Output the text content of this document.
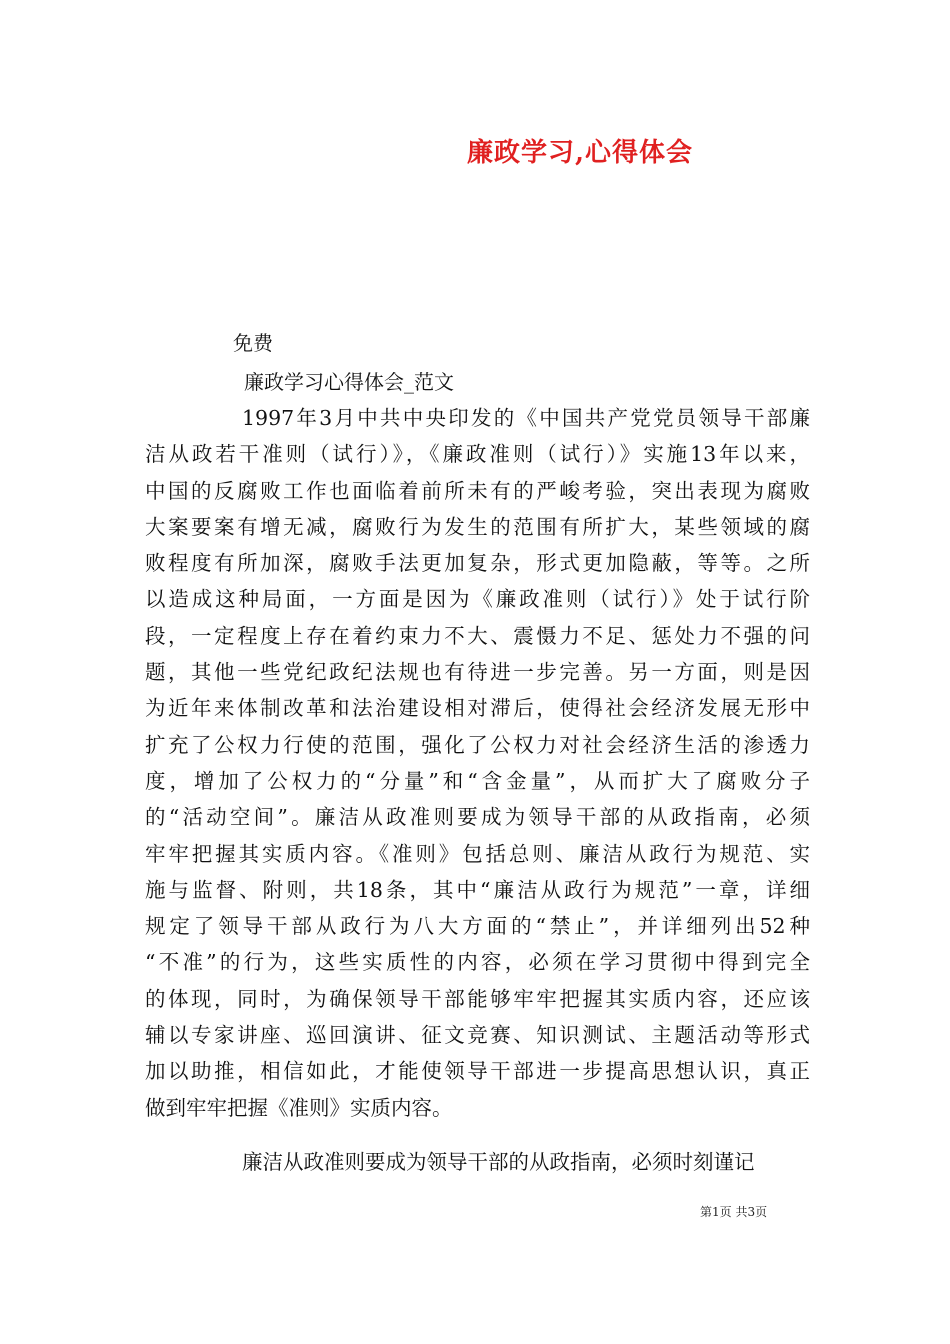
廉政学习,心得体会
免费
廉政学习心得体会_范文
1997年3月中共中央印发的《中国共产党党员领导干部廉
洁从政若干准则（试行）》，《廉政准则（试行）》实施13年以来，
中国的反腐败工作也面临着前所未有的严峻考验，突出表现为腐败
大案要案有增无减，腐败行为发生的范围有所扩大，某些领域的腐
败程度有所加深，腐败手法更加复杂，形式更加隐蔽，等等。之所
以造成这种局面，一方面是因为《廉政准则（试行）》处于试行阶
段，一定程度上存在着约束力不大、震慑力不足、惩处力不强的问
题，其他一些党纪政纪法规也有待进一步完善。另一方面，则是因
为近年来体制改革和法治建设相对滞后，使得社会经济发展无形中
扩充了公权力行使的范围，强化了公权力对社会经济生活的渗透力
度，增加了公权力的“分量”和“含金量”，从而扩大了腐败分子
的“活动空间”。廉洁从政准则要成为领导干部的从政指南，必须
牢牢把握其实质内容。《准则》包括总则、廉洁从政行为规范、实
施与监督、附则，共18条，其中“廉洁从政行为规范”一章，详细
规定了领导干部从政行为八大方面的“禁止”，并详细列出52种
“不准”的行为，这些实质性的内容，必须在学习贯彻中得到完全
的体现，同时，为确保领导干部能够牢牢把握其实质内容，还应该
辅以专家讲座、巡回演讲、征文竞赛、知识测试、主题活动等形式
加以助推，相信如此，才能使领导干部进一步提高思想认识，真正
做到牢牢把握《准则》实质内容。
廉洁从政准则要成为领导干部的从政指南，必须时刻谨记
第1页 共3页
